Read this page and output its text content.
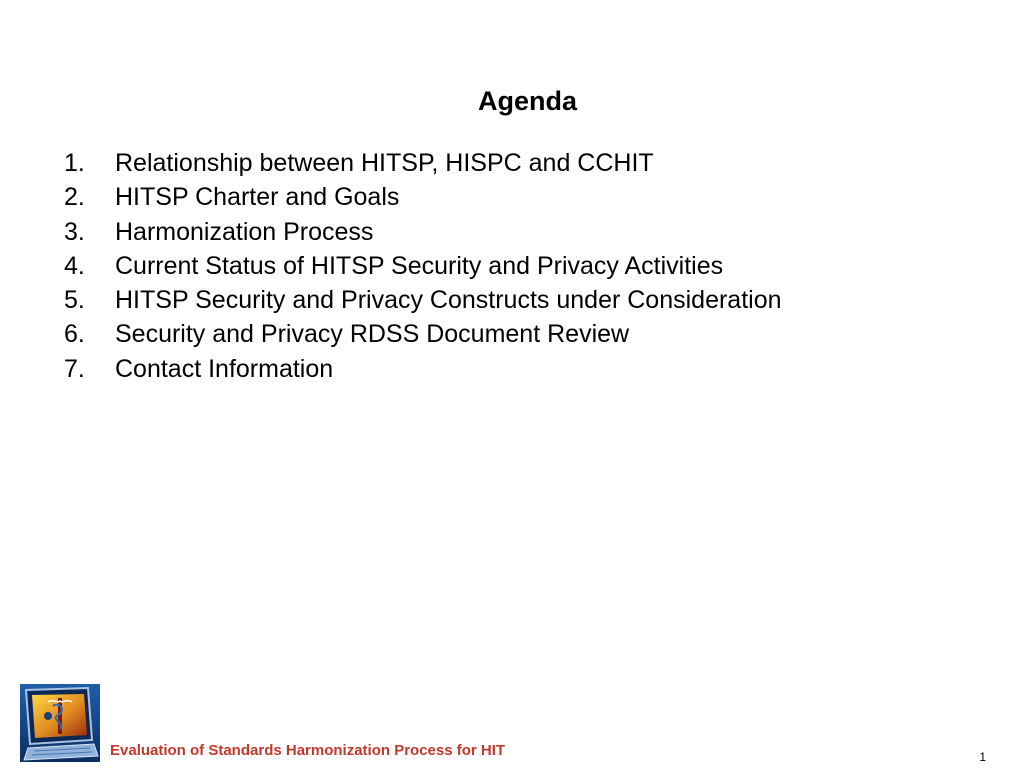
Agenda
1.	Relationship between HITSP, HISPC and CCHIT
2.	HITSP Charter and Goals
3.	Harmonization Process
4.	Current Status of HITSP Security and Privacy Activities
5.	HITSP Security and Privacy Constructs under Consideration
6.	Security and Privacy RDSS Document Review
7.	Contact Information
Evaluation of Standards Harmonization Process for HIT	1
